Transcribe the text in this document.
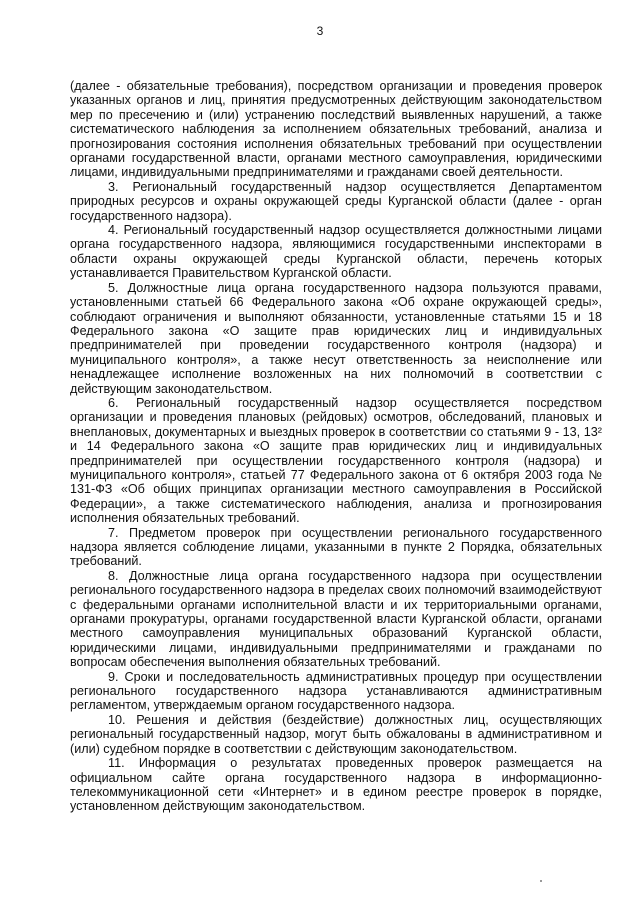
3

(далее - обязательные требования), посредством организации и проведения проверок указанных органов и лиц, принятия предусмотренных действующим законодательством мер по пресечению и (или) устранению последствий выявленных нарушений, а также систематического наблюдения за исполнением обязательных требований, анализа и прогнозирования состояния исполнения обязательных требований при осуществлении органами государственной власти, органами местного самоуправления, юридическими лицами, индивидуальными предпринимателями и гражданами своей деятельности.

3. Региональный государственный надзор осуществляется Департаментом природных ресурсов и охраны окружающей среды Курганской области (далее - орган государственного надзора).

4. Региональный государственный надзор осуществляется должностными лицами органа государственного надзора, являющимися государственными инспекторами в области охраны окружающей среды Курганской области, перечень которых устанавливается Правительством Курганской области.

5. Должностные лица органа государственного надзора пользуются правами, установленными статьей 66 Федерального закона «Об охране окружающей среды», соблюдают ограничения и выполняют обязанности, установленные статьями 15 и 18 Федерального закона «О защите прав юридических лиц и индивидуальных предпринимателей при проведении государственного контроля (надзора) и муниципального контроля», а также несут ответственность за неисполнение или ненадлежащее исполнение возложенных на них полномочий в соответствии с действующим законодательством.

6. Региональный государственный надзор осуществляется посредством организации и проведения плановых (рейдовых) осмотров, обследований, плановых и внеплановых, документарных и выездных проверок в соответствии со статьями 9 - 13, 13² и 14 Федерального закона «О защите прав юридических лиц и индивидуальных предпринимателей при осуществлении государственного контроля (надзора) и муниципального контроля», статьей 77 Федерального закона от 6 октября 2003 года № 131-ФЗ «Об общих принципах организации местного самоуправления в Российской Федерации», а также систематического наблюдения, анализа и прогнозирования исполнения обязательных требований.

7. Предметом проверок при осуществлении регионального государственного надзора является соблюдение лицами, указанными в пункте 2 Порядка, обязательных требований.

8. Должностные лица органа государственного надзора при осуществлении регионального государственного надзора в пределах своих полномочий взаимодействуют с федеральными органами исполнительной власти и их территориальными органами, органами прокуратуры, органами государственной власти Курганской области, органами местного самоуправления муниципальных образований Курганской области, юридическими лицами, индивидуальными предпринимателями и гражданами по вопросам обеспечения выполнения обязательных требований.

9. Сроки и последовательность административных процедур при осуществлении регионального государственного надзора устанавливаются административным регламентом, утверждаемым органом государственного надзора.

10. Решения и действия (бездействие) должностных лиц, осуществляющих региональный государственный надзор, могут быть обжалованы в административном и (или) судебном порядке в соответствии с действующим законодательством.

11. Информация о результатах проведенных проверок размещается на официальном сайте органа государственного надзора в информационно-телекоммуникационной сети «Интернет» и в едином реестре проверок в порядке, установленном действующим законодательством.
